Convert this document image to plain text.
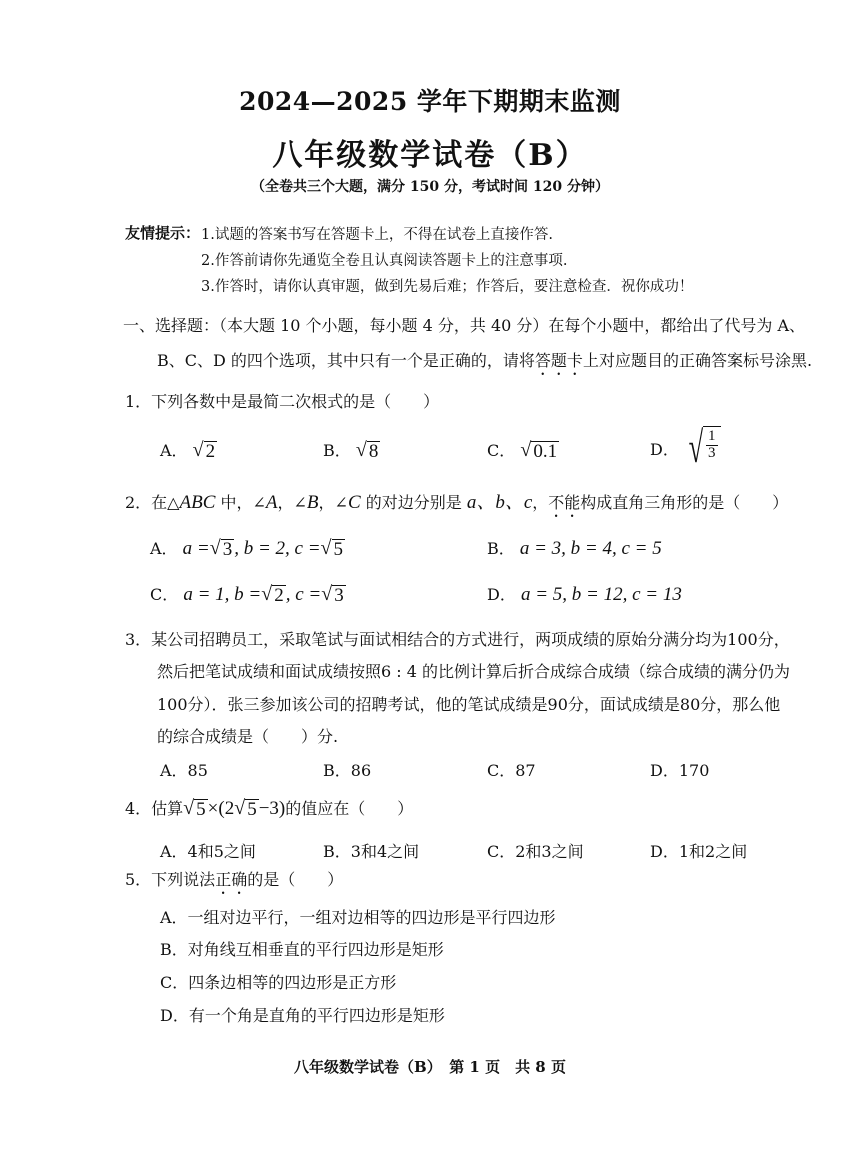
2024—2025 学年下期期末监测
八年级数学试卷（B）
（全卷共三个大题，满分 150 分，考试时间 120 分钟）
友情提示： 1.试题的答案书写在答题卡上，不得在试卷上直接作答.
2.作答前请你先通览全卷且认真阅读答题卡上的注意事项.
3.作答时，请你认真审题，做到先易后难；作答后，要注意检查．祝你成功！
一、选择题：（本大题 10 个小题，每小题 4 分，共 40 分）在每个小题中，都给出了代号为 A、
B、C、D 的四个选项，其中只有一个是正确的，请将答题卡上对应题目的正确答案标号涂黑.
1．下列各数中是最简二次根式的是（　　）
A． √ 2	B． √ 8	C． √ 0.1	D． √ $\frac{1}{3}$
2．在△ABC 中，∠A，∠B，∠C 的对边分别是 a、b、c，不能构成直角三角形的是（　　）
A． a = √ 3 , b = 2, c = √ 5	B． a = 3, b = 4, c = 5
C． a = 1, b = √ 2 , c = √ 3	D． a = 5, b = 12, c = 13
3．某公司招聘员工，采取笔试与面试相结合的方式进行，两项成绩的原始分满分均为100分，
然后把笔试成绩和面试成绩按照6 : 4 的比例计算后折合成综合成绩（综合成绩的满分仍为
100分）．张三参加该公司的招聘考试，他的笔试成绩是90分，面试成绩是80分，那么他
的综合成绩是（　　）分.
A．85	B．86	C．87	D．170
4．估算 √ 5 ×(2 √ 5 −3)的值应在（　　）
A．4和5之间	B．3和4之间	C．2和3之间	D．1和2之间
5．下列说法正确的是（　　）
A．一组对边平行，一组对边相等的四边形是平行四边形
B．对角线互相垂直的平行四边形是矩形
C．四条边相等的四边形是正方形
D．有一个角是直角的平行四边形是矩形
八年级数学试卷（B）　第 1 页　共 8 页
